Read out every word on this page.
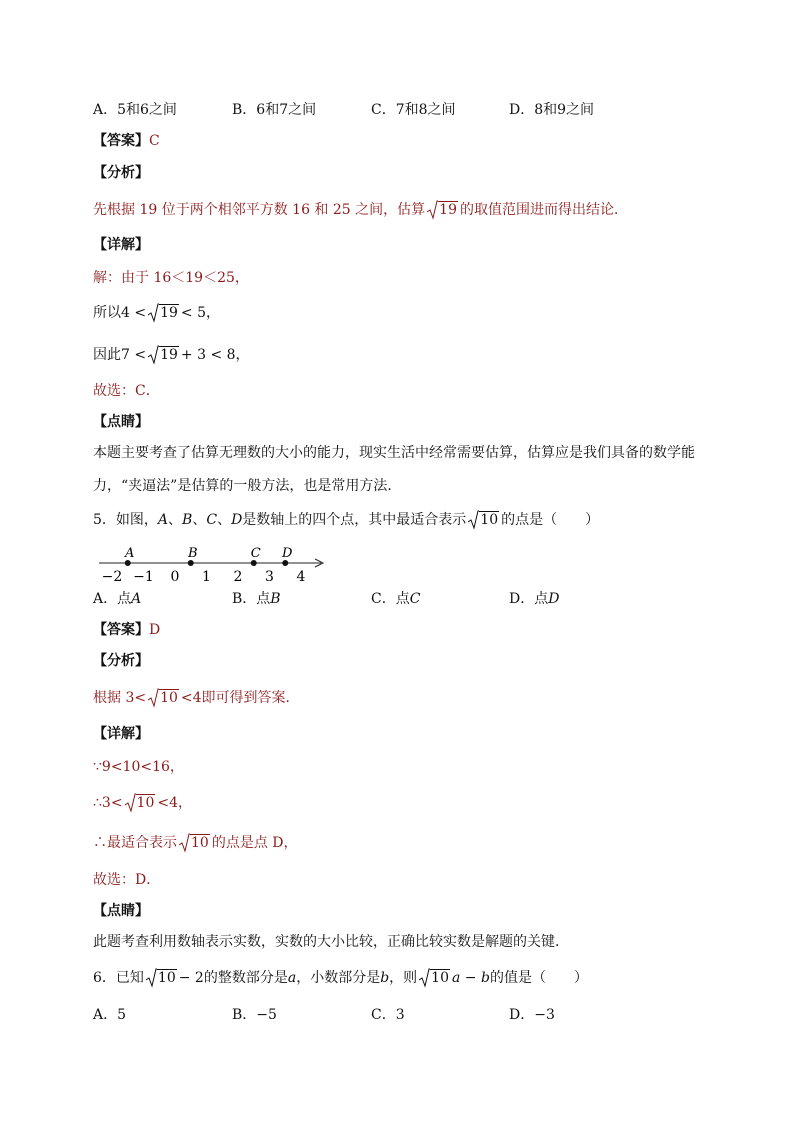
A．5和6之间	B．6和7之间	C．7和8之间	D．8和9之间
【答案】C
【分析】
先根据 19 位于两个相邻平方数 16 和 25 之间，估算 19 的取值范围进而得出结论．
【详解】
解：由于 16＜19＜25，
所以4 < 19 < 5，
因此7 < 19 + 3 < 8，
故选：C．
【点睛】
本题主要考查了估算无理数的大小的能力，现实生活中经常需要估算，估算应是我们具备的数学能
力，“夹逼法”是估算的一般方法，也是常用方法．
5．如图，A、B、C、D是数轴上的四个点，其中最适合表示 10 的点是（　　）
−2 −1 0 1 2 3 4
A	B	C D
A．点A	B．点B	C．点C	D．点D
【答案】D
【分析】
根据 3< 10 <4即可得到答案．
【详解】
∵9<10<16，
∴3< 10 <4，
∴最适合表示 10 的点是点 D，
故选：D．
【点睛】
此题考查利用数轴表示实数，实数的大小比较，正确比较实数是解题的关键．
6．已知 10 − 2的整数部分是a，小数部分是b，则 10 a − b的值是（　　）
A．5	B．−5	C．3	D．−3
